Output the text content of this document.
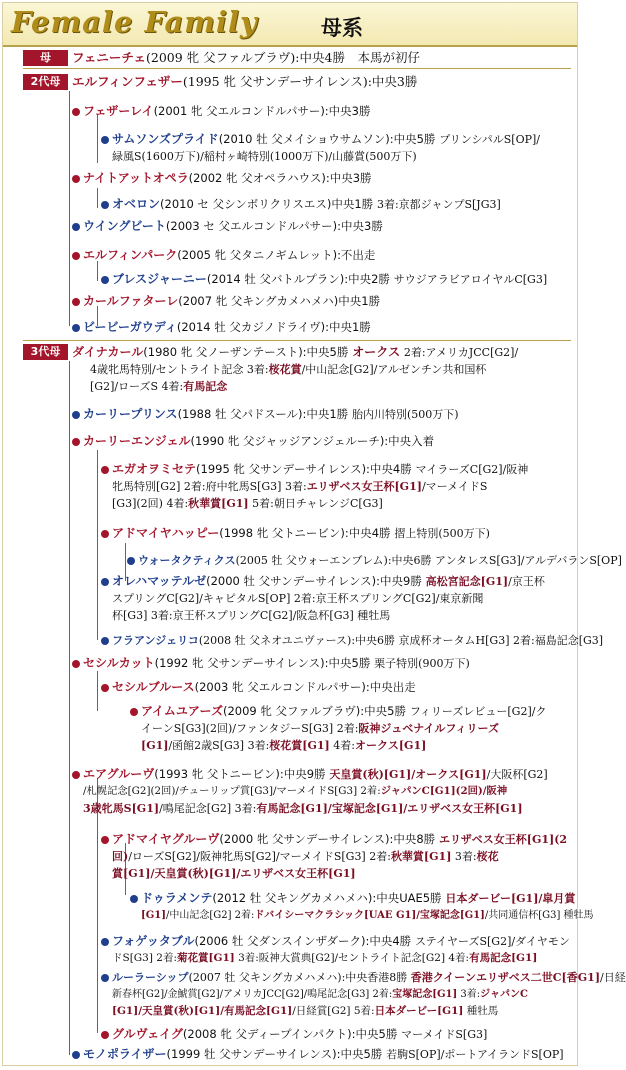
Female Family	母系
母	フェニーチェ (2009 牝 父ファルブラヴ):中央4勝　本馬が初仔
2代母 エルフィンフェザー (1995 牝 父サンデーサイレンス):中央3勝
フェザーレイ(2001 牝 父エルコンドルパサー):中央3勝
サムソンズプライド(2010 牡 父メイショウサムソン):中央5勝 プリンシパルS[OP]/
緑風S(1600万下)/稲村ヶ崎特別(1000万下)/山藤賞(500万下)
ナイトアットオペラ(2002 牝 父オペラハウス):中央3勝
オベロン(2010 セ 父シンボリクリスエス)中央1勝 3着:京都ジャンプS[JG3]
ウイングビート(2003 セ 父エルコンドルパサー):中央3勝
エルフィンパーク(2005 牝 父タニノギムレット):不出走
ブレスジャーニー(2014 牡 父バトルプラン):中央2勝 サウジアラビアロイヤルC[G3]
カールファターレ(2007 牝 父キングカメハメハ)中央1勝
ビービーガウディ(2014 牡 父カジノドライヴ):中央1勝
3代母 ダイナカール(1980 牝 父ノーザンテースト):中央5勝 オークス 2着:アメリカJCC[G2]/
4歳牝馬特別/セントライト記念 3着:桜花賞/中山記念[G2]/アルゼンチン共和国杯
[G2]/ローズS 4着:有馬記念
カーリープリンス(1988 牡 父パドスール):中央1勝 胎内川特別(500万下)
カーリーエンジェル(1990 牝 父ジャッジアンジェルーチ):中央入着
エガオヲミセテ(1995 牝 父サンデーサイレンス):中央4勝 マイラーズC[G2]/阪神
牝馬特別[G2] 2着:府中牝馬S[G3] 3着:エリザベス女王杯[G1]/マーメイドS
[G3](2回) 4着:秋華賞[G1] 5着:朝日チャレンジC[G3]
アドマイヤハッピー(1998 牝 父トニービン):中央4勝 摺上特別(500万下)
ウォータクティクス(2005 牡 父ウォーエンブレム):中央6勝 アンタレスS[G3]/アルデバランS[OP]
オレハマッテルゼ(2000 牡 父サンデーサイレンス):中央9勝 高松宮記念[G1]/京王杯
スプリングC[G2]/キャピタルS[OP] 2着:京王杯スプリングC[G2]/東京新聞
杯[G3] 3着:京王杯スプリングC[G2]/阪急杯[G3] 種牡馬
フラアンジェリコ(2008 牡 父ネオユニヴァース):中央6勝 京成杯オータムH[G3] 2着:福島記念[G3]
セシルカット(1992 牝 父サンデーサイレンス):中央5勝 栗子特別(900万下)
セシルブルース(2003 牝 父エルコンドルパサー):中央出走
アイムユアーズ(2009 牝 父ファルブラヴ):中央5勝 フィリーズレビュー[G2]/ク
イーンS[G3](2回)/ファンタジーS[G3] 2着:阪神ジュベナイルフィリーズ
[G1]/函館2歳S[G3] 3着:桜花賞[G1] 4着:オークス[G1]
エアグルーヴ(1993 牝 父トニービン):中央9勝 天皇賞(秋)[G1]/オークス[G1]/大阪杯[G2]
/札幌記念[G2](2回)/チューリップ賞[G3]/マーメイドS[G3] 2着:ジャパンC[G1](2回)/阪神
3歳牝馬S[G1]/鳴尾記念[G2] 3着:有馬記念[G1]/宝塚記念[G1]/エリザベス女王杯[G1]
アドマイヤグルーヴ(2000 牝 父サンデーサイレンス):中央8勝 エリザベス女王杯[G1](2
回)/ローズS[G2]/阪神牝馬S[G2]/マーメイドS[G3] 2着:秋華賞[G1] 3着:桜花
賞[G1]/天皇賞(秋)[G1]/エリザベス女王杯[G1]
ドゥラメンテ(2012 牡 父キングカメハメハ):中央UAE5勝 日本ダービー[G1]/皐月賞
[G1]/中山記念[G2] 2着:ドバイシーマクラシック[UAE G1]/宝塚記念[G1]/共同通信杯[G3] 種牡馬
フォゲッタブル(2006 牡 父ダンスインザダーク):中央4勝 ステイヤーズS[G2]/ダイヤモン
ドS[G3] 2着:菊花賞[G1] 3着:阪神大賞典[G2]/セントライト記念[G2] 4着:有馬記念[G1]
ルーラーシップ(2007 牡 父キングカメハメハ):中央香港8勝 香港クイーンエリザベス二世C[香G1]/日経
新春杯[G2]/金鯱賞[G2]/アメリカJCC[G2]/鳴尾記念[G3] 2着:宝塚記念[G1] 3着:ジャパンC
[G1]/天皇賞(秋)[G1]/有馬記念[G1]/日経賞[G2] 5着:日本ダービー[G1] 種牡馬
グルヴェイグ(2008 牝 父ディープインパクト):中央5勝 マーメイドS[G3]
モノポライザー(1999 牡 父サンデーサイレンス):中央5勝 若駒S[OP]/ポートアイランドS[OP]
